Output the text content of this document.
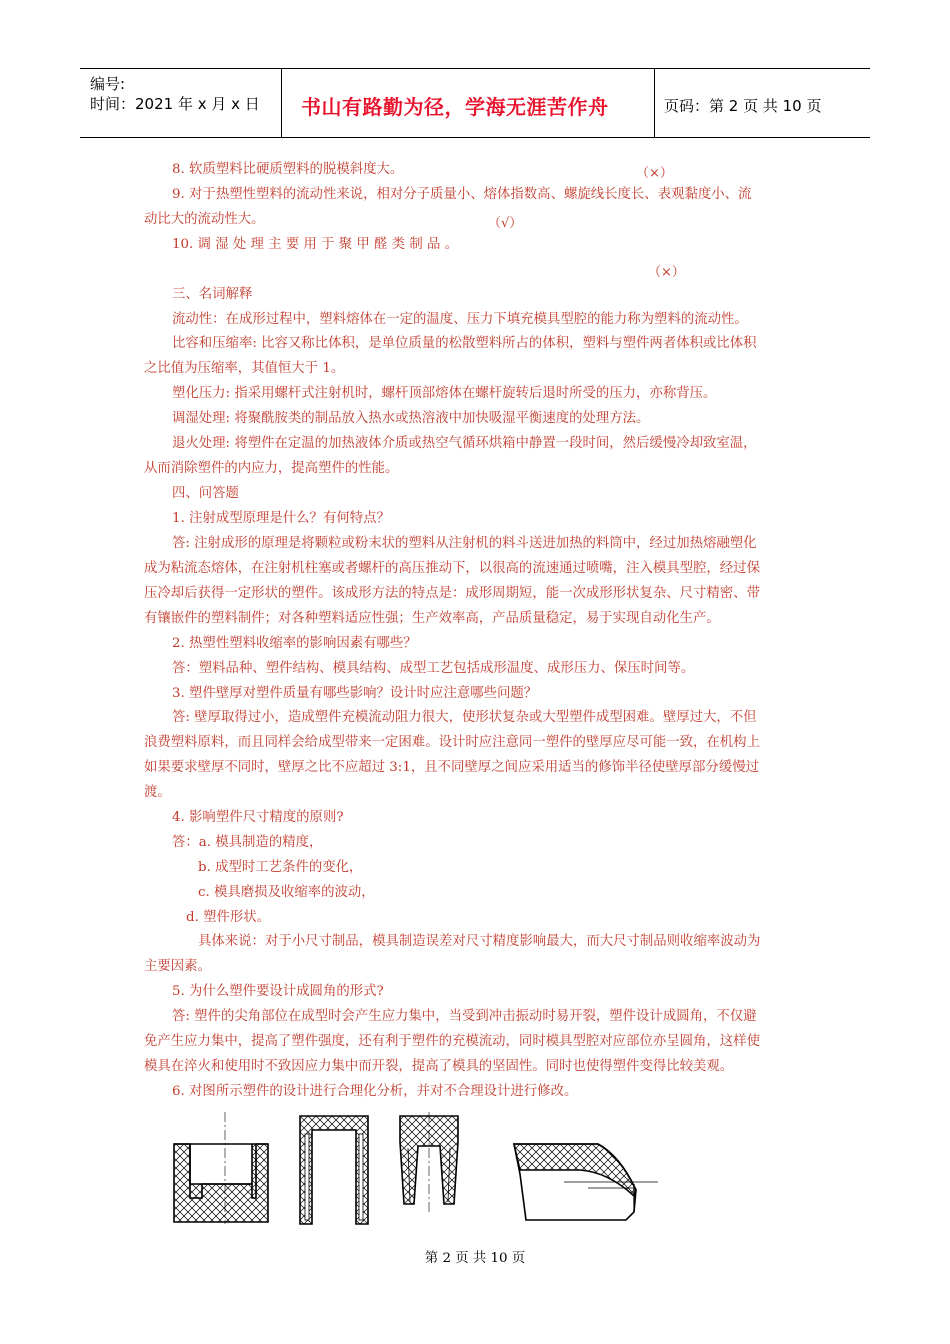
编号:
时间：2021 年 x 月 x 日 书山有路勤为径，学海无涯苦作舟	页码：第 2 页 共 10 页
8. 软质塑料比硬质塑料的脱模斜度大。	（×）
9. 对于热塑性塑料的流动性来说，相对分子质量小、熔体指数高、螺旋线长度长、表观黏度小、流
动比大的流动性大。	（√）
10. 调 湿 处 理 主 要 用 于 聚 甲 醛 类 制 品 。
（×）
三、名词解释
流动性：在成形过程中，塑料熔体在一定的温度、压力下填充模具型腔的能力称为塑料的流动性。
比容和压缩率: 比容又称比体积，是单位质量的松散塑料所占的体积，塑料与塑件两者体积或比体积
之比值为压缩率，其值恒大于 1。
塑化压力: 指采用螺杆式注射机时，螺杆顶部熔体在螺杆旋转后退时所受的压力，亦称背压。
调湿处理: 将聚酰胺类的制品放入热水或热溶液中加快吸湿平衡速度的处理方法。
退火处理: 将塑件在定温的加热液体介质或热空气循环烘箱中静置一段时间，然后缓慢冷却致室温，
从而消除塑件的内应力，提高塑件的性能。
四、问答题
1. 注射成型原理是什么？有何特点？
答: 注射成形的原理是将颗粒或粉末状的塑料从注射机的料斗送进加热的料筒中，经过加热熔融塑化
成为粘流态熔体，在注射机柱塞或者螺杆的高压推动下，以很高的流速通过喷嘴，注入模具型腔，经过保
压冷却后获得一定形状的塑件。该成形方法的特点是：成形周期短，能一次成形形状复杂、尺寸精密、带
有镶嵌件的塑料制件；对各种塑料适应性强；生产效率高，产品质量稳定，易于实现自动化生产。
2. 热塑性塑料收缩率的影响因素有哪些？
答：塑料品种、塑件结构、模具结构、成型工艺包括成形温度、成形压力、保压时间等。
3. 塑件壁厚对塑件质量有哪些影响？设计时应注意哪些问题？
答: 壁厚取得过小，造成塑件充模流动阻力很大，使形状复杂或大型塑件成型困难。壁厚过大，不但
浪费塑料原料，而且同样会给成型带来一定困难。设计时应注意同一塑件的壁厚应尽可能一致，在机构上
如果要求壁厚不同时，壁厚之比不应超过 3:1，且不同壁厚之间应采用适当的修饰半径使壁厚部分缓慢过
渡。
4. 影响塑件尺寸精度的原则?
答：a. 模具制造的精度，
b. 成型时工艺条件的变化，
c. 模具磨损及收缩率的波动，
d. 塑件形状。
具体来说：对于小尺寸制品，模具制造误差对尺寸精度影响最大，而大尺寸制品则收缩率波动为
主要因素。
5. 为什么塑件要设计成圆角的形式?
答: 塑件的尖角部位在成型时会产生应力集中，当受到冲击振动时易开裂，塑件设计成圆角，不仅避
免产生应力集中，提高了塑件强度，还有利于塑件的充模流动，同时模具型腔对应部位亦呈圆角，这样使
模具在淬火和使用时不致因应力集中而开裂，提高了模具的坚固性。同时也使得塑件变得比较美观。
6. 对图所示塑件的设计进行合理化分析，并对不合理设计进行修改。
第 2 页 共 10 页
